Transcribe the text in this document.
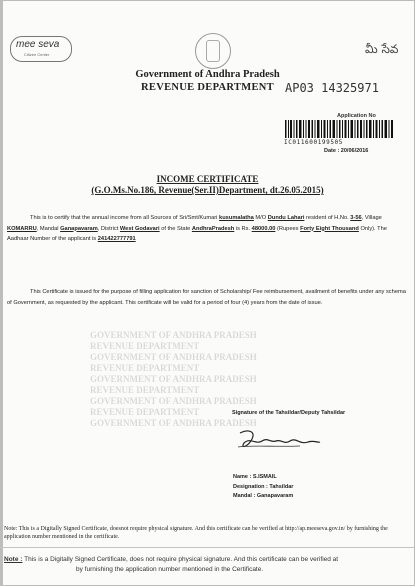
mee seva
Citizen Center	మీ సేవ
Government of Andhra Pradesh
REVENUE DEPARTMENT AP03 14325971
Application No
IC011600199505
Date : 20/06/2016
INCOME CERTIFICATE
(G.O.Ms.No.186, Revenue(Ser.II)Department, dt.26.05.2015)
This is to certify that the annual income from all Sources of Sri/Smt/Kumari kusumalatha M/O Dundu Lahari resident of H.No. 3-56, Village KOMARRU, Mandal Ganapavaram, District West Godavari of the State AndhraPradesh is Rs. 48000.00 (Rupees Forty Eight Thousand Only). The Aadhaar Number of the applicant is 241422777791
This Certificate is issued for the purpose of filling application for sanction of Scholarship/ Fee reimbursement, availment of benefits under any schema of Government, as requested by the applicant. This certificate will be valid for a period of four (4) years from the date of issue.
GOVERNMENT OF ANDHRA PRADESH
REVENUE DEPARTMENT
GOVERNMENT OF ANDHRA PRADESH
REVENUE DEPARTMENT
GOVERNMENT OF ANDHRA PRADESH
REVENUE DEPARTMENT
GOVERNMENT OF ANDHRA PRADESH
REVENUE DEPARTMENT
GOVERNMENT OF ANDHRA PRADESH
Signature of the Tahsildar/Deputy Tahsildar
Name : S.ISMAIL
Designation : Tahsildar
Mandal : Ganapavaram
Note: This is a Digitally Signed Certificate, doesnot require physical signature. And this certificate can be verified at http://ap.meeseva.gov.in/ by furnishing the application number mentioned in the certificate.
Note : This is a Digitally Signed Certificate, does not require physical signature. And this certificate can be verified at
by furnishing the application number mentioned in the Certificate.
